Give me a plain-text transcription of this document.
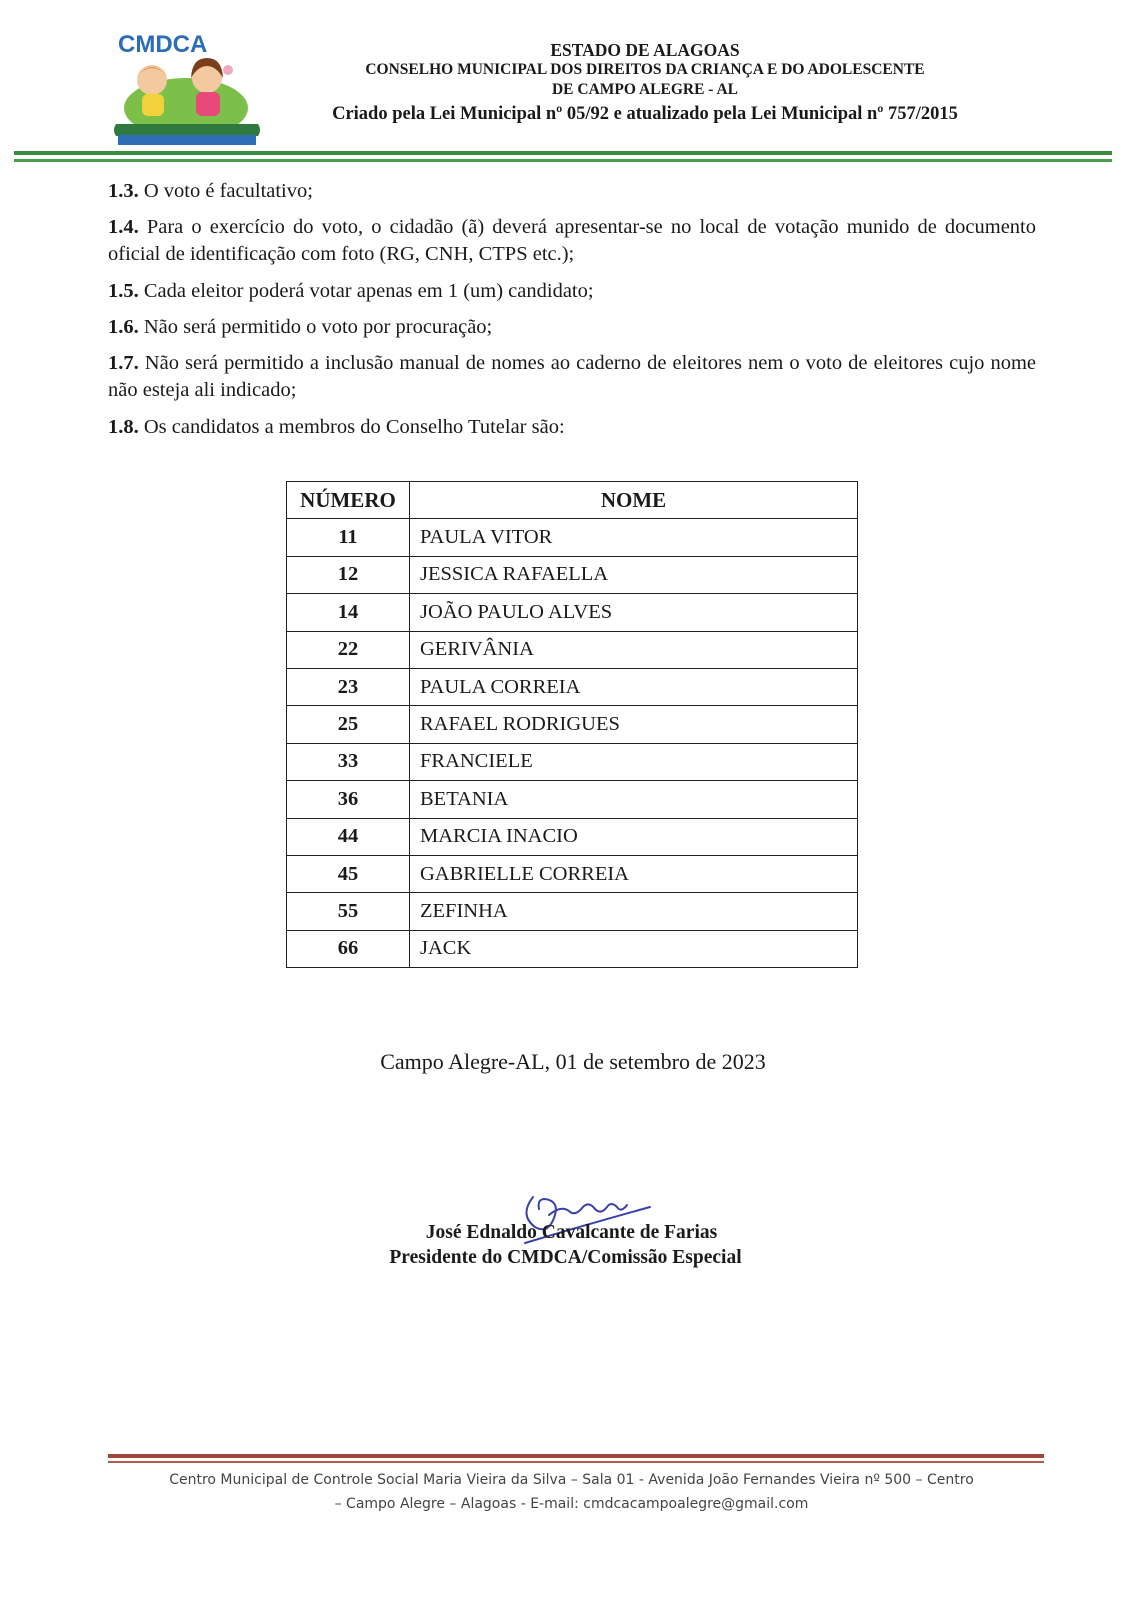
CMDCA	ESTADO DE ALAGOAS
CONSELHO MUNICIPAL DOS DIREITOS DA CRIANÇA E DO ADOLESCENTE
DE CAMPO ALEGRE - AL
Criado pela Lei Municipal nº 05/92 e atualizado pela Lei Municipal nº 757/2015
1.3. O voto é facultativo;
1.4. Para o exercício do voto, o cidadão (ã) deverá apresentar-se no local de votação munido de documento oficial de identificação com foto (RG, CNH, CTPS etc.);
1.5. Cada eleitor poderá votar apenas em 1 (um) candidato;
1.6. Não será permitido o voto por procuração;
1.7. Não será permitido a inclusão manual de nomes ao caderno de eleitores nem o voto de eleitores cujo nome não esteja ali indicado;
1.8. Os candidatos a membros do Conselho Tutelar são:
NÚMERO	NOME
11	PAULA VITOR
12	JESSICA RAFAELLA
14	JOÃO PAULO ALVES
22	GERIVÂNIA
23	PAULA CORREIA
25	RAFAEL RODRIGUES
33	FRANCIELE
36	BETANIA
44	MARCIA INACIO
45	GABRIELLE CORREIA
55	ZEFINHA
66	JACK
Campo Alegre-AL, 01 de setembro de 2023
José Ednaldo Cavalcante de Farias
Presidente do CMDCA/Comissão Especial
Centro Municipal de Controle Social Maria Vieira da Silva – Sala 01 - Avenida João Fernandes Vieira nº 500 – Centro
– Campo Alegre – Alagoas - E-mail: cmdcacampoalegre@gmail.com
